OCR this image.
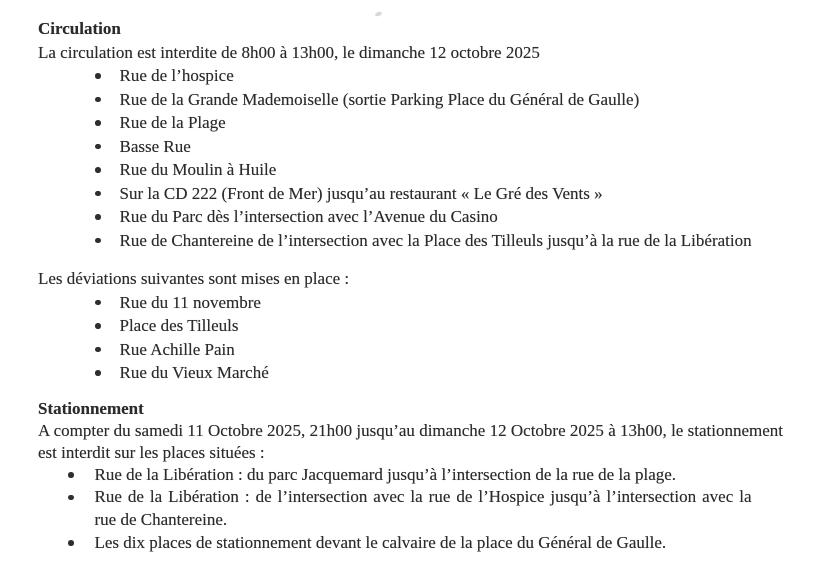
Circulation

La circulation est interdite de 8h00 à 13h00, le dimanche 12 octobre 2025

Rue de l’hospice
Rue de la Grande Mademoiselle (sortie Parking Place du Général de Gaulle)
Rue de la Plage
Basse Rue
Rue du Moulin à Huile
Sur la CD 222 (Front de Mer) jusqu’au restaurant « Le Gré des Vents »
Rue du Parc dès l’intersection avec l’Avenue du Casino
Rue de Chantereine de l’intersection avec la Place des Tilleuls jusqu’à la rue de la Libération

Les déviations suivantes sont mises en place :

Rue du 11 novembre
Place des Tilleuls
Rue Achille Pain
Rue du Vieux Marché
Stationnement

A compter du samedi 11 Octobre 2025, 21h00 jusqu’au dimanche 12 Octobre 2025 à 13h00, le stationnement est interdit sur les places situées :

Rue de la Libération : du parc Jacquemard jusqu’à l’intersection de la rue de la plage.
Rue de la Libération : de l’intersection avec la rue de l’Hospice jusqu’à l’intersection avec la rue de Chantereine.
Les dix places de stationnement devant le calvaire de la place du Général de Gaulle.
